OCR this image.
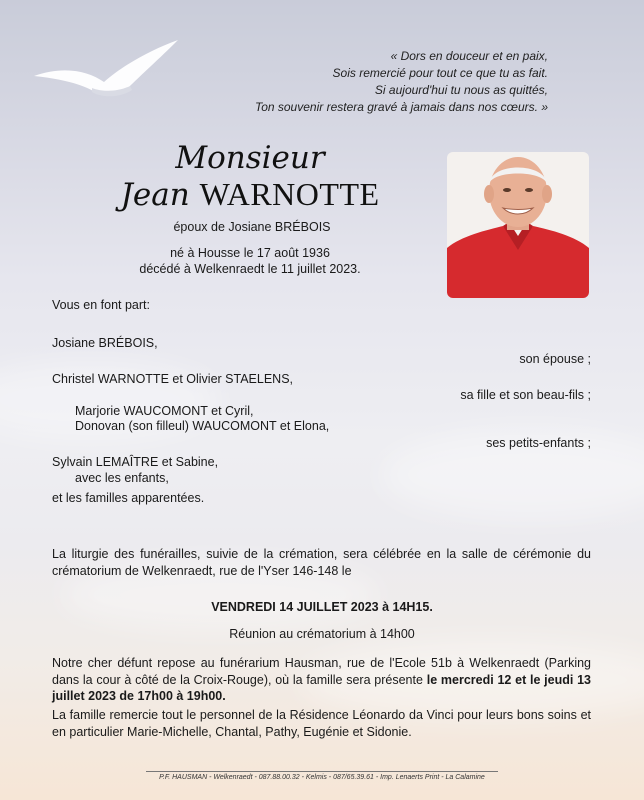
« Dors en douceur et en paix,
Sois remercié pour tout ce que tu as fait.
Si aujourd'hui tu nous as quittés,
Ton souvenir restera gravé à jamais dans nos cœurs. »
Monsieur
Jean WARNOTTE
époux de Josiane BRÉBOIS
né à Housse le 17 août 1936
décédé à Welkenraedt le 11 juillet 2023.
Vous en font part:
Josiane BRÉBOIS,
son épouse ;
Christel WARNOTTE et Olivier STAELENS,
sa fille et son beau-fils ;
Marjorie WAUCOMONT et Cyril,
Donovan (son filleul) WAUCOMONT et Elona,
ses petits-enfants ;
Sylvain LEMAÎTRE et Sabine,
avec les enfants,
et les familles apparentées.
La liturgie des funérailles, suivie de la crémation, sera célébrée en la salle de cérémonie du crématorium de Welkenraedt, rue de l'Yser 146-148 le
VENDREDI 14 JUILLET 2023 à 14H15.
Réunion au crématorium à 14h00
Notre cher défunt repose au funérarium Hausman, rue de l'Ecole 51b à Welkenraedt (Parking dans la cour à côté de la Croix-Rouge), où la famille sera présente le mercredi 12 et le jeudi 13 juillet 2023 de 17h00 à 19h00.
La famille remercie tout le personnel de la Résidence Léonardo da Vinci pour leurs bons soins et en particulier Marie-Michelle, Chantal, Pathy, Eugénie et Sidonie.
P.F. HAUSMAN - Welkenraedt - 087.88.00.32 - Kelmis - 087/65.39.61 - Imp. Lenaerts Print - La Calamine
